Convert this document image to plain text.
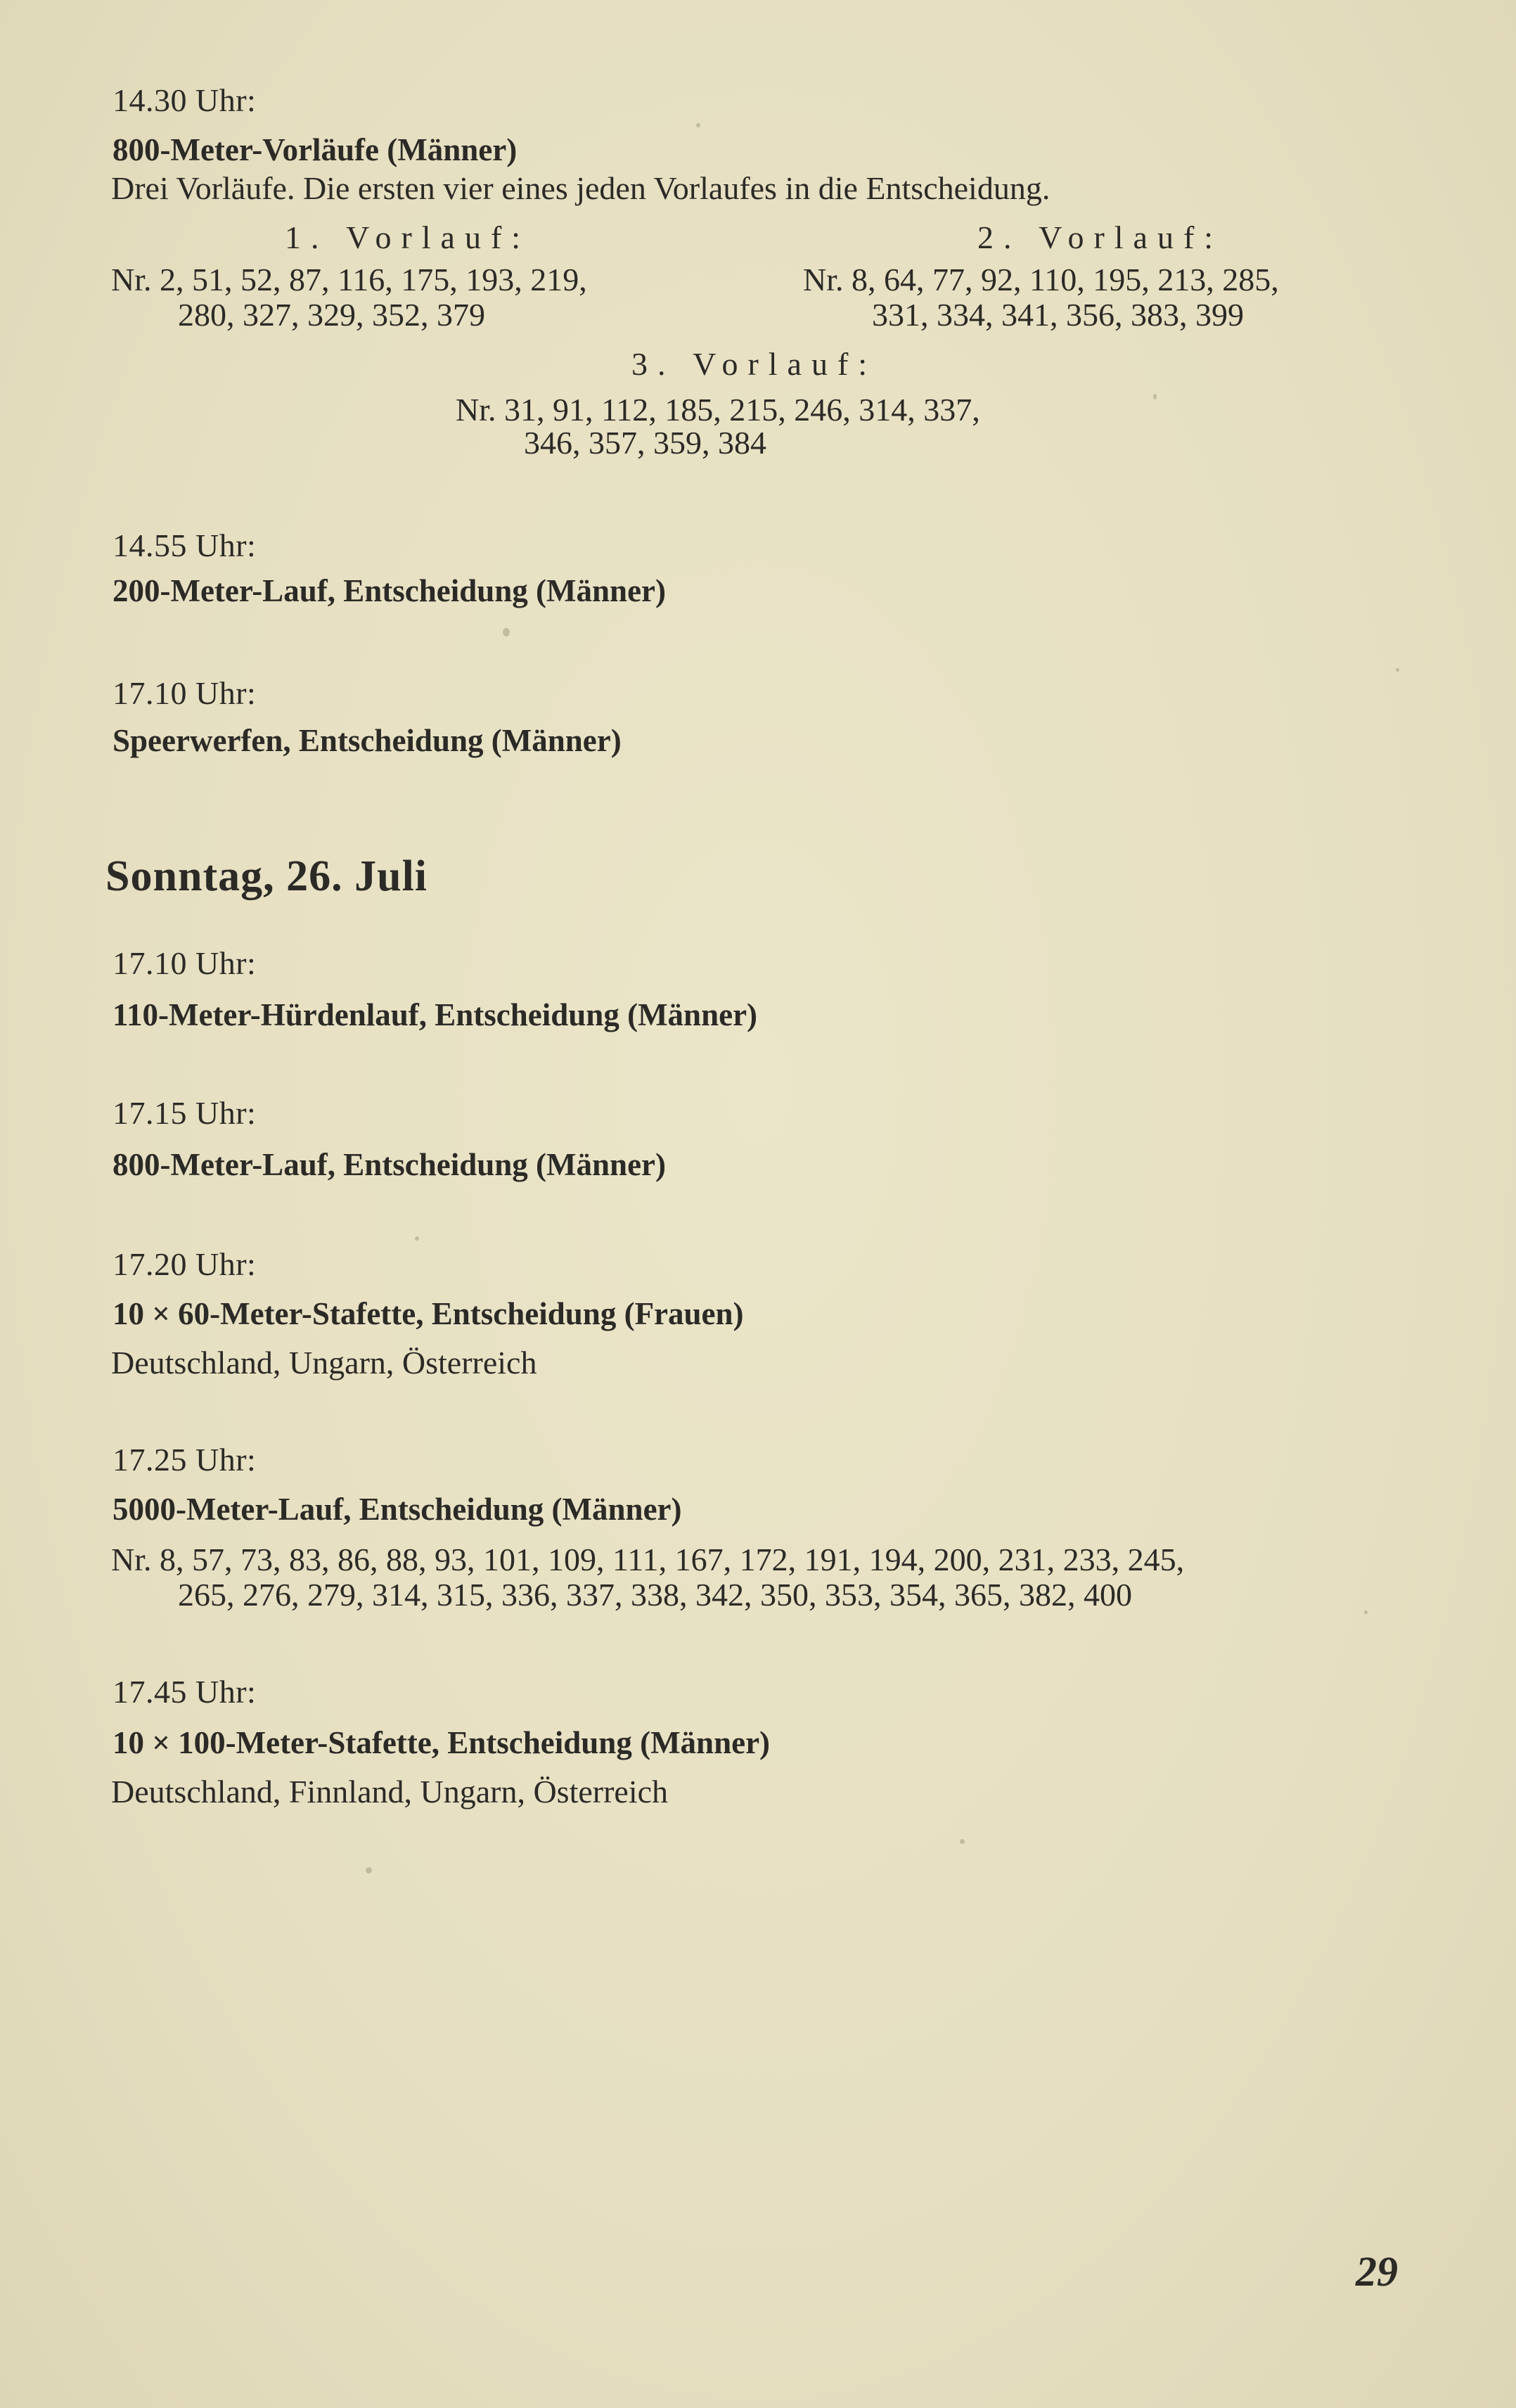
14.30 Uhr:
800-Meter-Vorläufe (Männer)
Drei Vorläufe. Die ersten vier eines jeden Vorlaufes in die Entscheidung.
1. Vorlauf:
Nr. 2, 51, 52, 87, 116, 175, 193, 219,
280, 327, 329, 352, 379
2. Vorlauf:
Nr. 8, 64, 77, 92, 110, 195, 213, 285,
331, 334, 341, 356, 383, 399
3. Vorlauf:
Nr. 31, 91, 112, 185, 215, 246, 314, 337,
346, 357, 359, 384
14.55 Uhr:
200-Meter-Lauf, Entscheidung (Männer)
17.10 Uhr:
Speerwerfen, Entscheidung (Männer)
Sonntag, 26. Juli
17.10 Uhr:
110-Meter-Hürdenlauf, Entscheidung (Männer)
17.15 Uhr:
800-Meter-Lauf, Entscheidung (Männer)
17.20 Uhr:
10 × 60-Meter-Stafette, Entscheidung (Frauen)
Deutschland, Ungarn, Österreich
17.25 Uhr:
5000-Meter-Lauf, Entscheidung (Männer)
Nr. 8, 57, 73, 83, 86, 88, 93, 101, 109, 111, 167, 172, 191, 194, 200, 231, 233, 245,
265, 276, 279, 314, 315, 336, 337, 338, 342, 350, 353, 354, 365, 382, 400
17.45 Uhr:
10 × 100-Meter-Stafette, Entscheidung (Männer)
Deutschland, Finnland, Ungarn, Österreich
29
